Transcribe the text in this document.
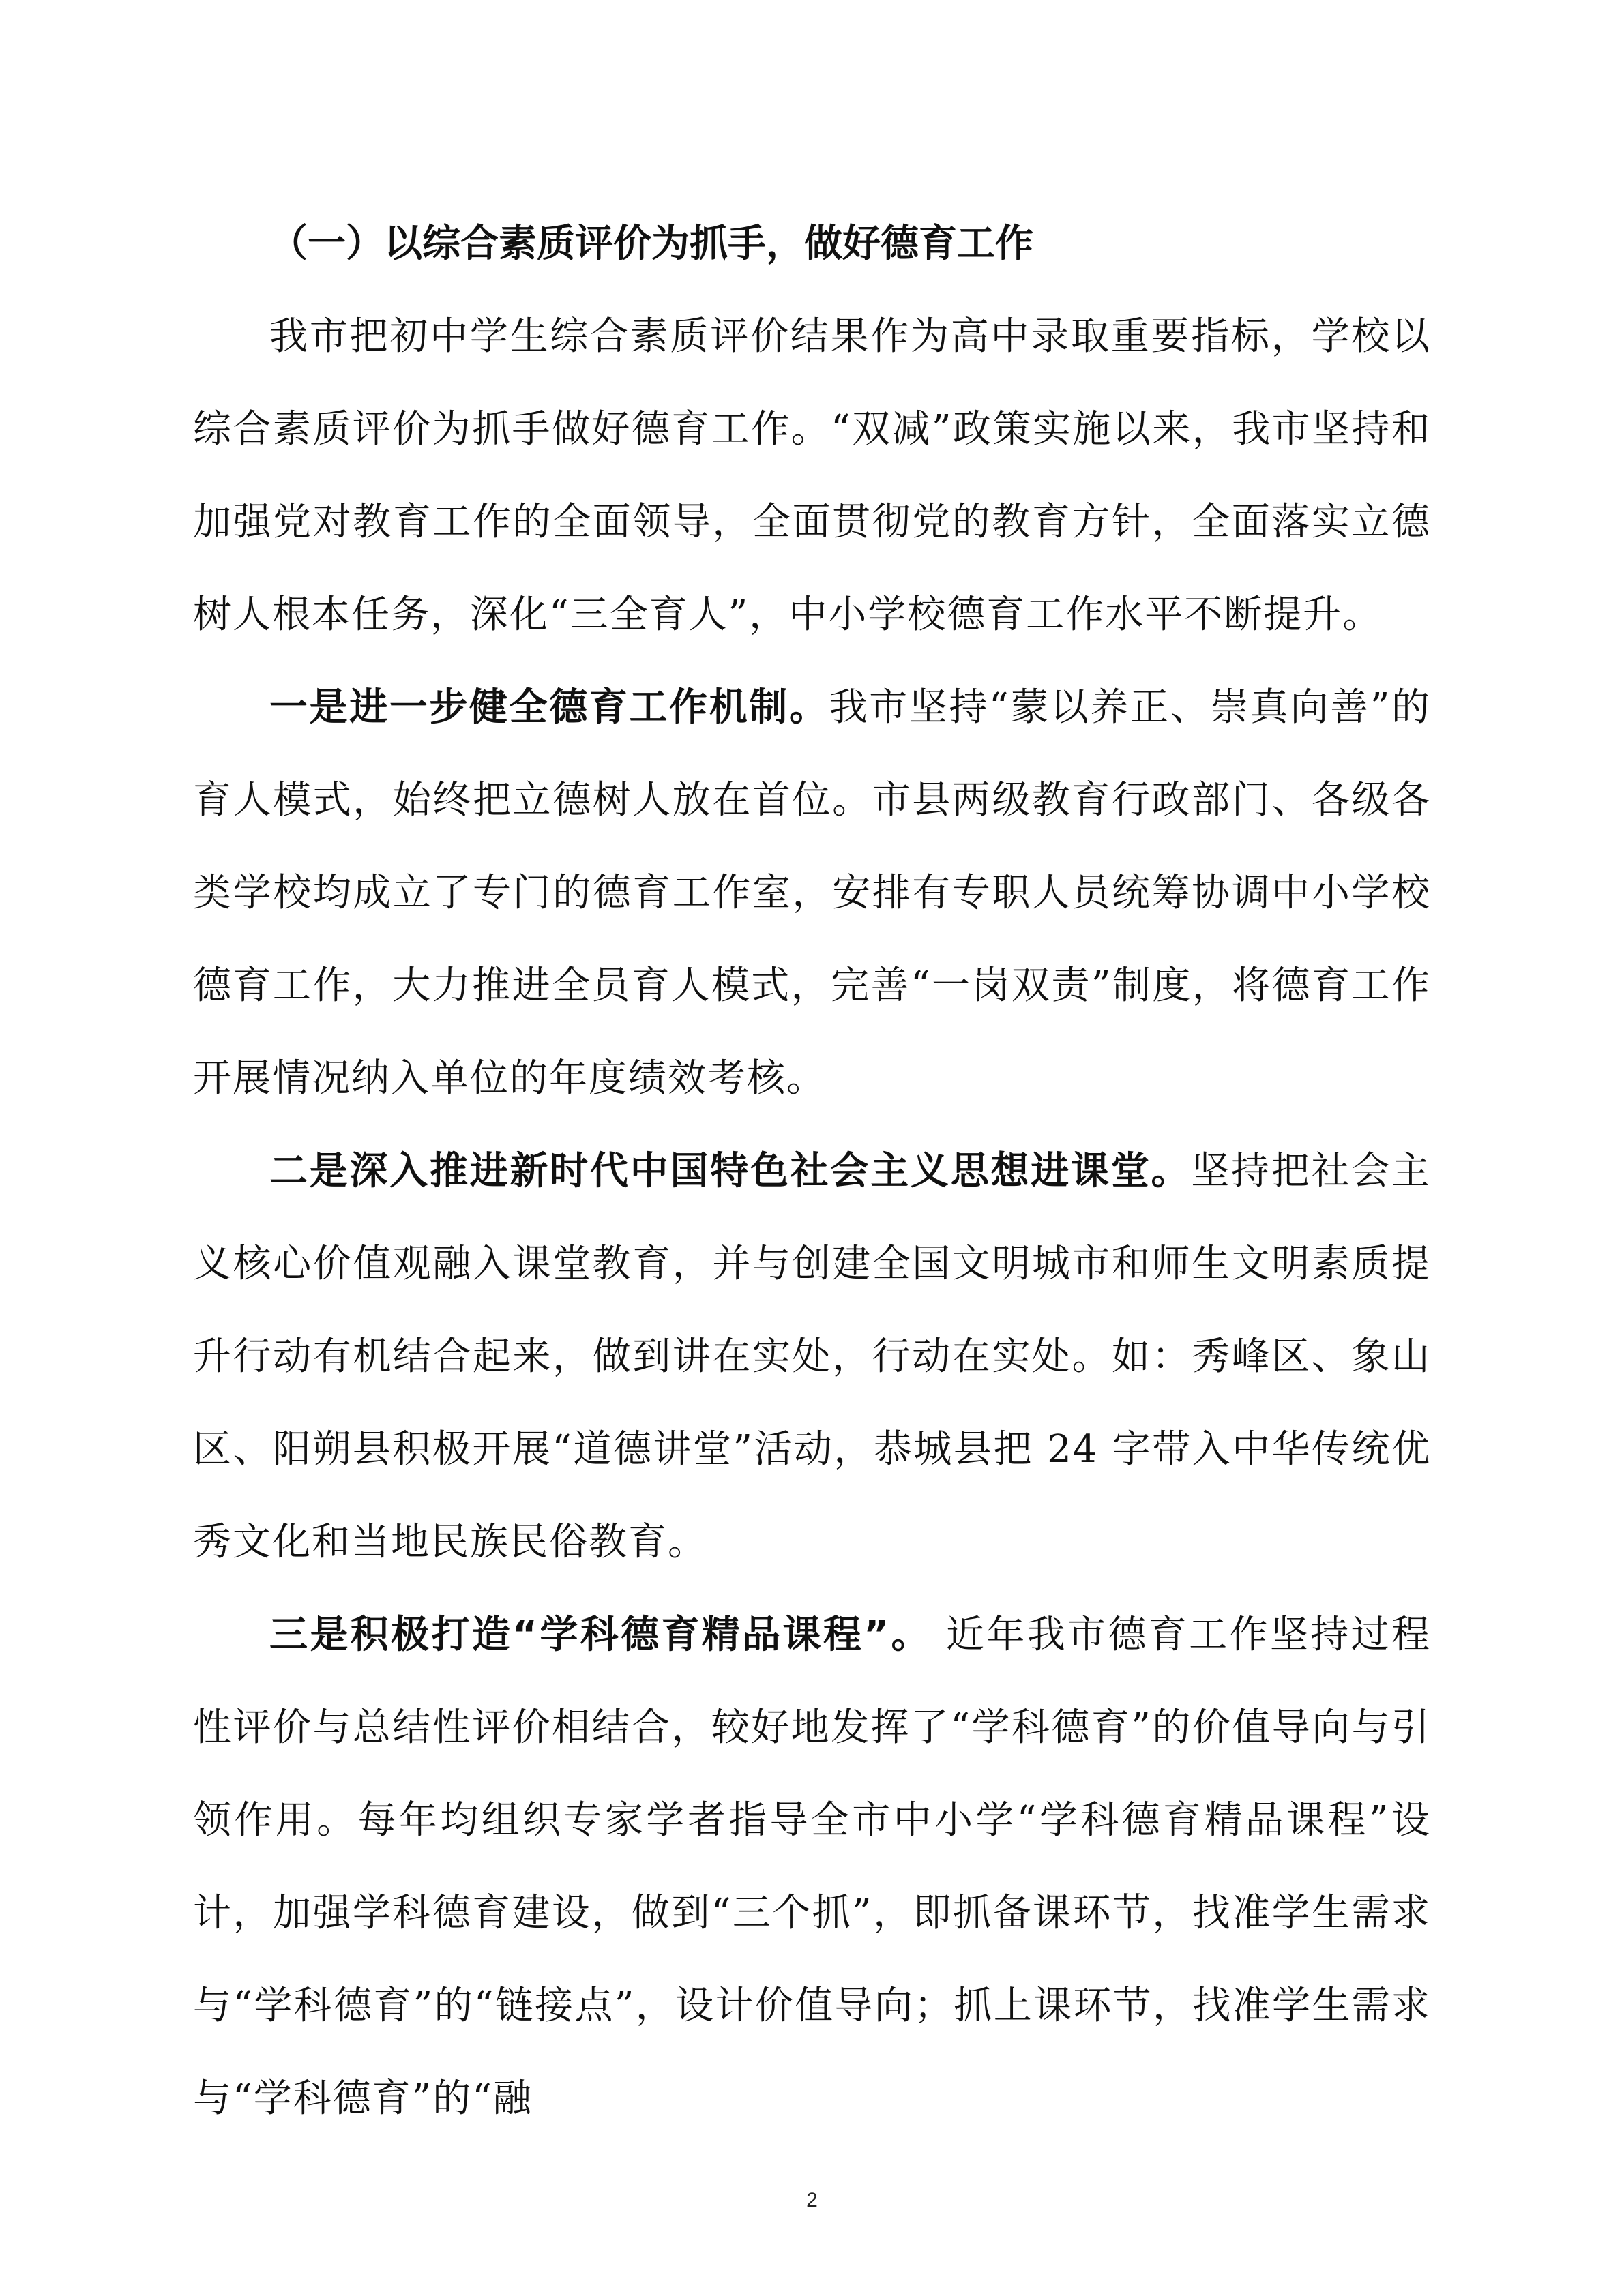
（一）以综合素质评价为抓手，做好德育工作

我市把初中学生综合素质评价结果作为高中录取重要指标，学校以综合素质评价为抓手做好德育工作。“双减”政策实施以来，我市坚持和加强党对教育工作的全面领导，全面贯彻党的教育方针，全面落实立德树人根本任务，深化“三全育人”，中小学校德育工作水平不断提升。

一是进一步健全德育工作机制。我市坚持“蒙以养正、崇真向善”的育人模式，始终把立德树人放在首位。市县两级教育行政部门、各级各类学校均成立了专门的德育工作室，安排有专职人员统筹协调中小学校德育工作，大力推进全员育人模式，完善“一岗双责”制度，将德育工作开展情况纳入单位的年度绩效考核。

二是深入推进新时代中国特色社会主义思想进课堂。坚持把社会主义核心价值观融入课堂教育，并与创建全国文明城市和师生文明素质提升行动有机结合起来，做到讲在实处，行动在实处。如：秀峰区、象山区、阳朔县积极开展“道德讲堂”活动，恭城县把 24 字带入中华传统优秀文化和当地民族民俗教育。

三是积极打造“学科德育精品课程”。 近年我市德育工作坚持过程性评价与总结性评价相结合，较好地发挥了“学科德育”的价值导向与引领作用。每年均组织专家学者指导全市中小学“学科德育精品课程”设计，加强学科德育建设，做到“三个抓”，即抓备课环节，找准学生需求与“学科德育”的“链接点”，设计价值导向；抓上课环节，找准学生需求与“学科德育”的“融

2
